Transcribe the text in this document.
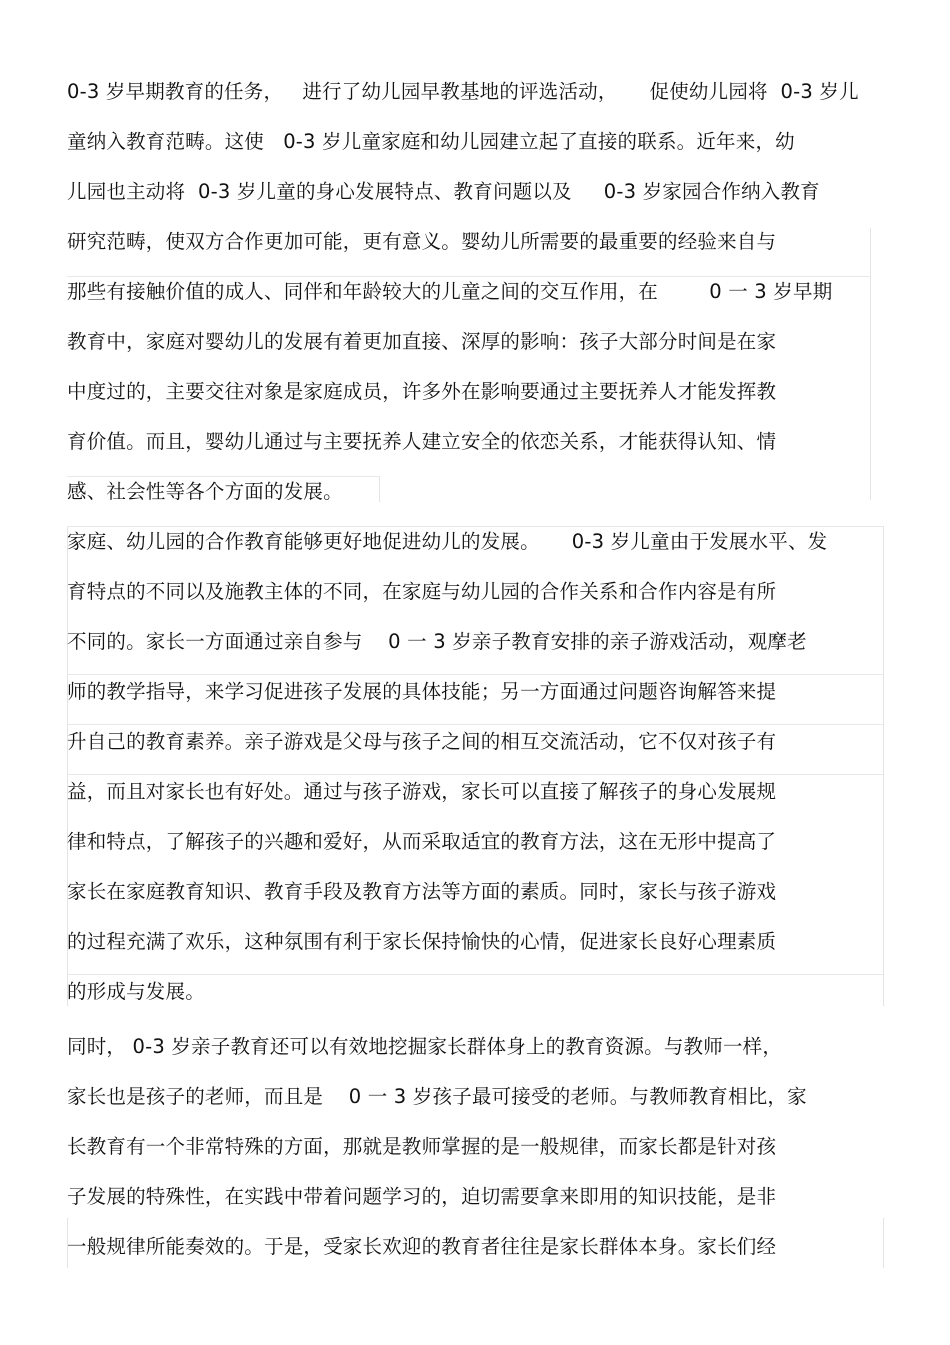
0-3 岁早期教育的任务，   进行了幼儿园早教基地的评选活动，     促使幼儿园将  0-3 岁儿
童纳入教育范畴。这使   0-3 岁儿童家庭和幼儿园建立起了直接的联系。近年来，幼
儿园也主动将  0-3 岁儿童的身心发展特点、教育问题以及     0-3 岁家园合作纳入教育
研究范畴，使双方合作更加可能，更有意义。婴幼儿所需要的最重要的经验来自与
那些有接触价值的成人、同伴和年龄较大的儿童之间的交互作用，在        0 一 3 岁早期
教育中，家庭对婴幼儿的发展有着更加直接、深厚的影响：孩子大部分时间是在家
中度过的，主要交往对象是家庭成员，许多外在影响要通过主要抚养人才能发挥教
育价值。而且，婴幼儿通过与主要抚养人建立安全的依恋关系，才能获得认知、情
感、社会性等各个方面的发展。
家庭、幼儿园的合作教育能够更好地促进幼儿的发展。     0-3 岁儿童由于发展水平、发
育特点的不同以及施教主体的不同，在家庭与幼儿园的合作关系和合作内容是有所
不同的。家长一方面通过亲自参与    0 一 3 岁亲子教育安排的亲子游戏活动，观摩老
师的教学指导，来学习促进孩子发展的具体技能；另一方面通过问题咨询解答来提
升自己的教育素养。亲子游戏是父母与孩子之间的相互交流活动，它不仅对孩子有
益，而且对家长也有好处。通过与孩子游戏，家长可以直接了解孩子的身心发展规
律和特点，了解孩子的兴趣和爱好，从而采取适宜的教育方法，这在无形中提高了
家长在家庭教育知识、教育手段及教育方法等方面的素质。同时，家长与孩子游戏
的过程充满了欢乐，这种氛围有利于家长保持愉快的心情，促进家长良好心理素质
的形成与发展。
同时， 0-3 岁亲子教育还可以有效地挖掘家长群体身上的教育资源。与教师一样，
家长也是孩子的老师，而且是    0 一 3 岁孩子最可接受的老师。与教师教育相比，家
长教育有一个非常特殊的方面，那就是教师掌握的是一般规律，而家长都是针对孩
子发展的特殊性，在实践中带着问题学习的，迫切需要拿来即用的知识技能，是非
一般规律所能奏效的。于是，受家长欢迎的教育者往往是家长群体本身。家长们经
